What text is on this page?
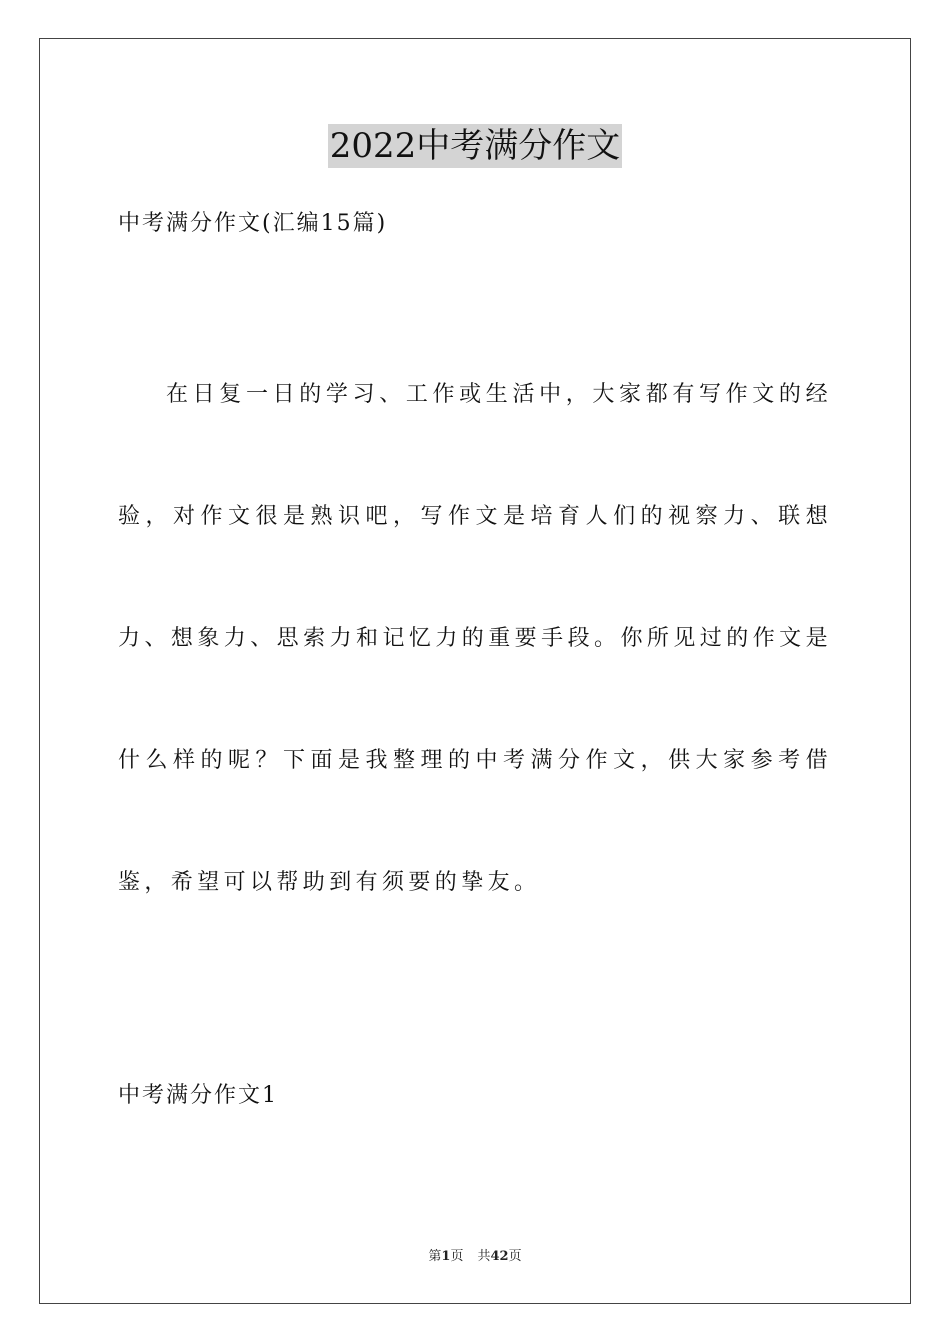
2022中考满分作文
中考满分作文(汇编15篇)

在日复一日的学习、工作或生活中，大家都有写作文的经验，对作文很是熟识吧，写作文是培育人们的视察力、联想力、想象力、思索力和记忆力的重要手段。你所见过的作文是什么样的呢？下面是我整理的中考满分作文，供大家参考借鉴，希望可以帮助到有须要的挚友。

中考满分作文1
第1页 共42页
